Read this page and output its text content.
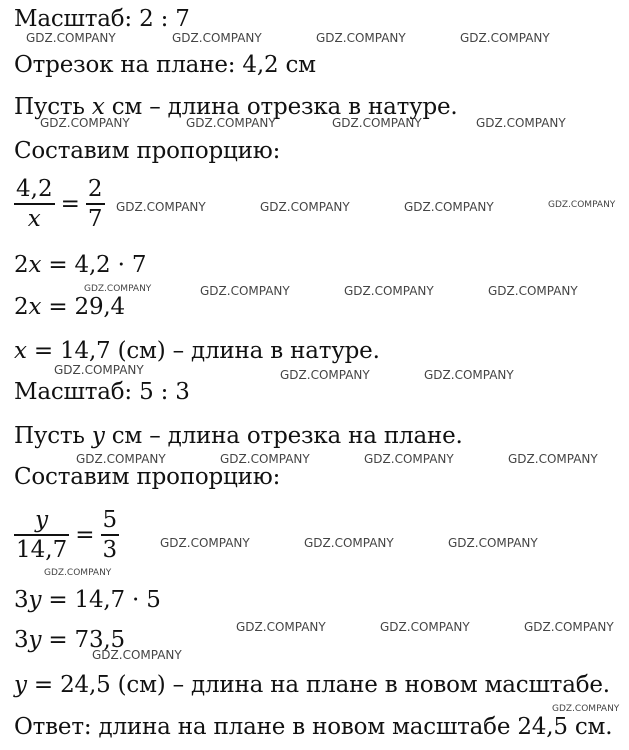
Масштаб: 2 : 7
Отрезок на плане: 4,2 см
Пусть x см – длина отрезка в натуре.
Составим пропорцию:
$\frac{4,2}{x} = \frac{2}{7}$
2x = 4,2 · 7
2x = 29,4
x = 14,7 (см) – длина в натуре.
Масштаб: 5 : 3
Пусть y см – длина отрезка на плане.
Составим пропорцию:
$\frac{y}{14,7} = \frac{5}{3}$
3y = 14,7 · 5
3y = 73,5
y = 24,5 (см) – длина на плане в новом масштабе.
Ответ: длина на плане в новом масштабе 24,5 см.
GDZ.COMPANY	GDZ.COMPANY	GDZ.COMPANY	GDZ.COMPANY
GDZ.COMPANY	GDZ.COMPANY	GDZ.COMPANY	GDZ.COMPANY
GDZ.COMPANY	GDZ.COMPANY	GDZ.COMPANY	GDZ.COMPANY
GDZ.COMPANY	GDZ.COMPANY	GDZ.COMPANY	GDZ.COMPANY
GDZ.COMPANY	GDZ.COMPANY	GDZ.COMPANY
GDZ.COMPANY	GDZ.COMPANY	GDZ.COMPANY	GDZ.COMPANY
GDZ.COMPANY	GDZ.COMPANY	GDZ.COMPANY
GDZ.COMPANY
GDZ.COMPANY	GDZ.COMPANY	GDZ.COMPANY
GDZ.COMPANY
GDZ.COMPANY
